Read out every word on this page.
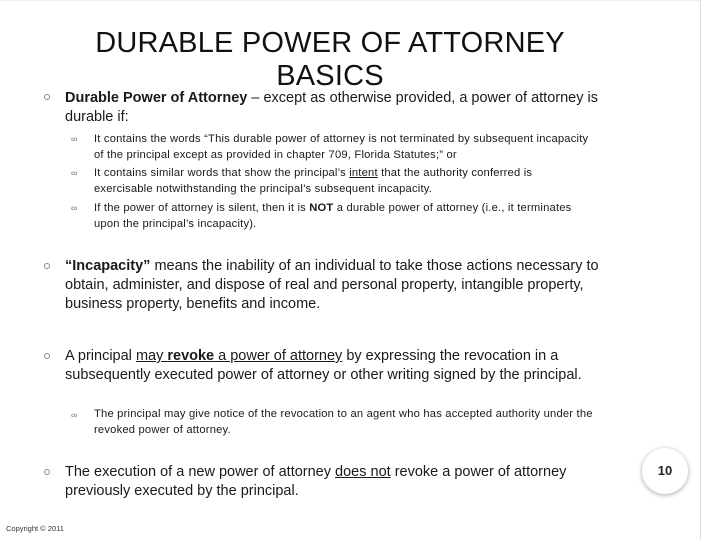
DURABLE POWER OF ATTORNEY BASICS
Durable Power of Attorney – except as otherwise provided, a power of attorney is durable if:
∞ It contains the words “This durable power of attorney is not terminated by subsequent incapacity of the principal except as provided in chapter 709, Florida Statutes;” or
∞ It contains similar words that show the principal’s intent that the authority conferred is exercisable notwithstanding the principal’s subsequent incapacity.
∞ If the power of attorney is silent, then it is NOT a durable power of attorney (i.e., it terminates upon the principal’s incapacity).
“Incapacity” means the inability of an individual to take those actions necessary to obtain, administer, and dispose of real and personal property, intangible property, business property, benefits and income.
A principal may revoke a power of attorney by expressing the revocation in a subsequently executed power of attorney or other writing signed by the principal.
∞ The principal may give notice of the revocation to an agent who has accepted authority under the revoked power of attorney.
The execution of a new power of attorney does not revoke a power of attorney previously executed by the principal.
10
Copyright © 2011
